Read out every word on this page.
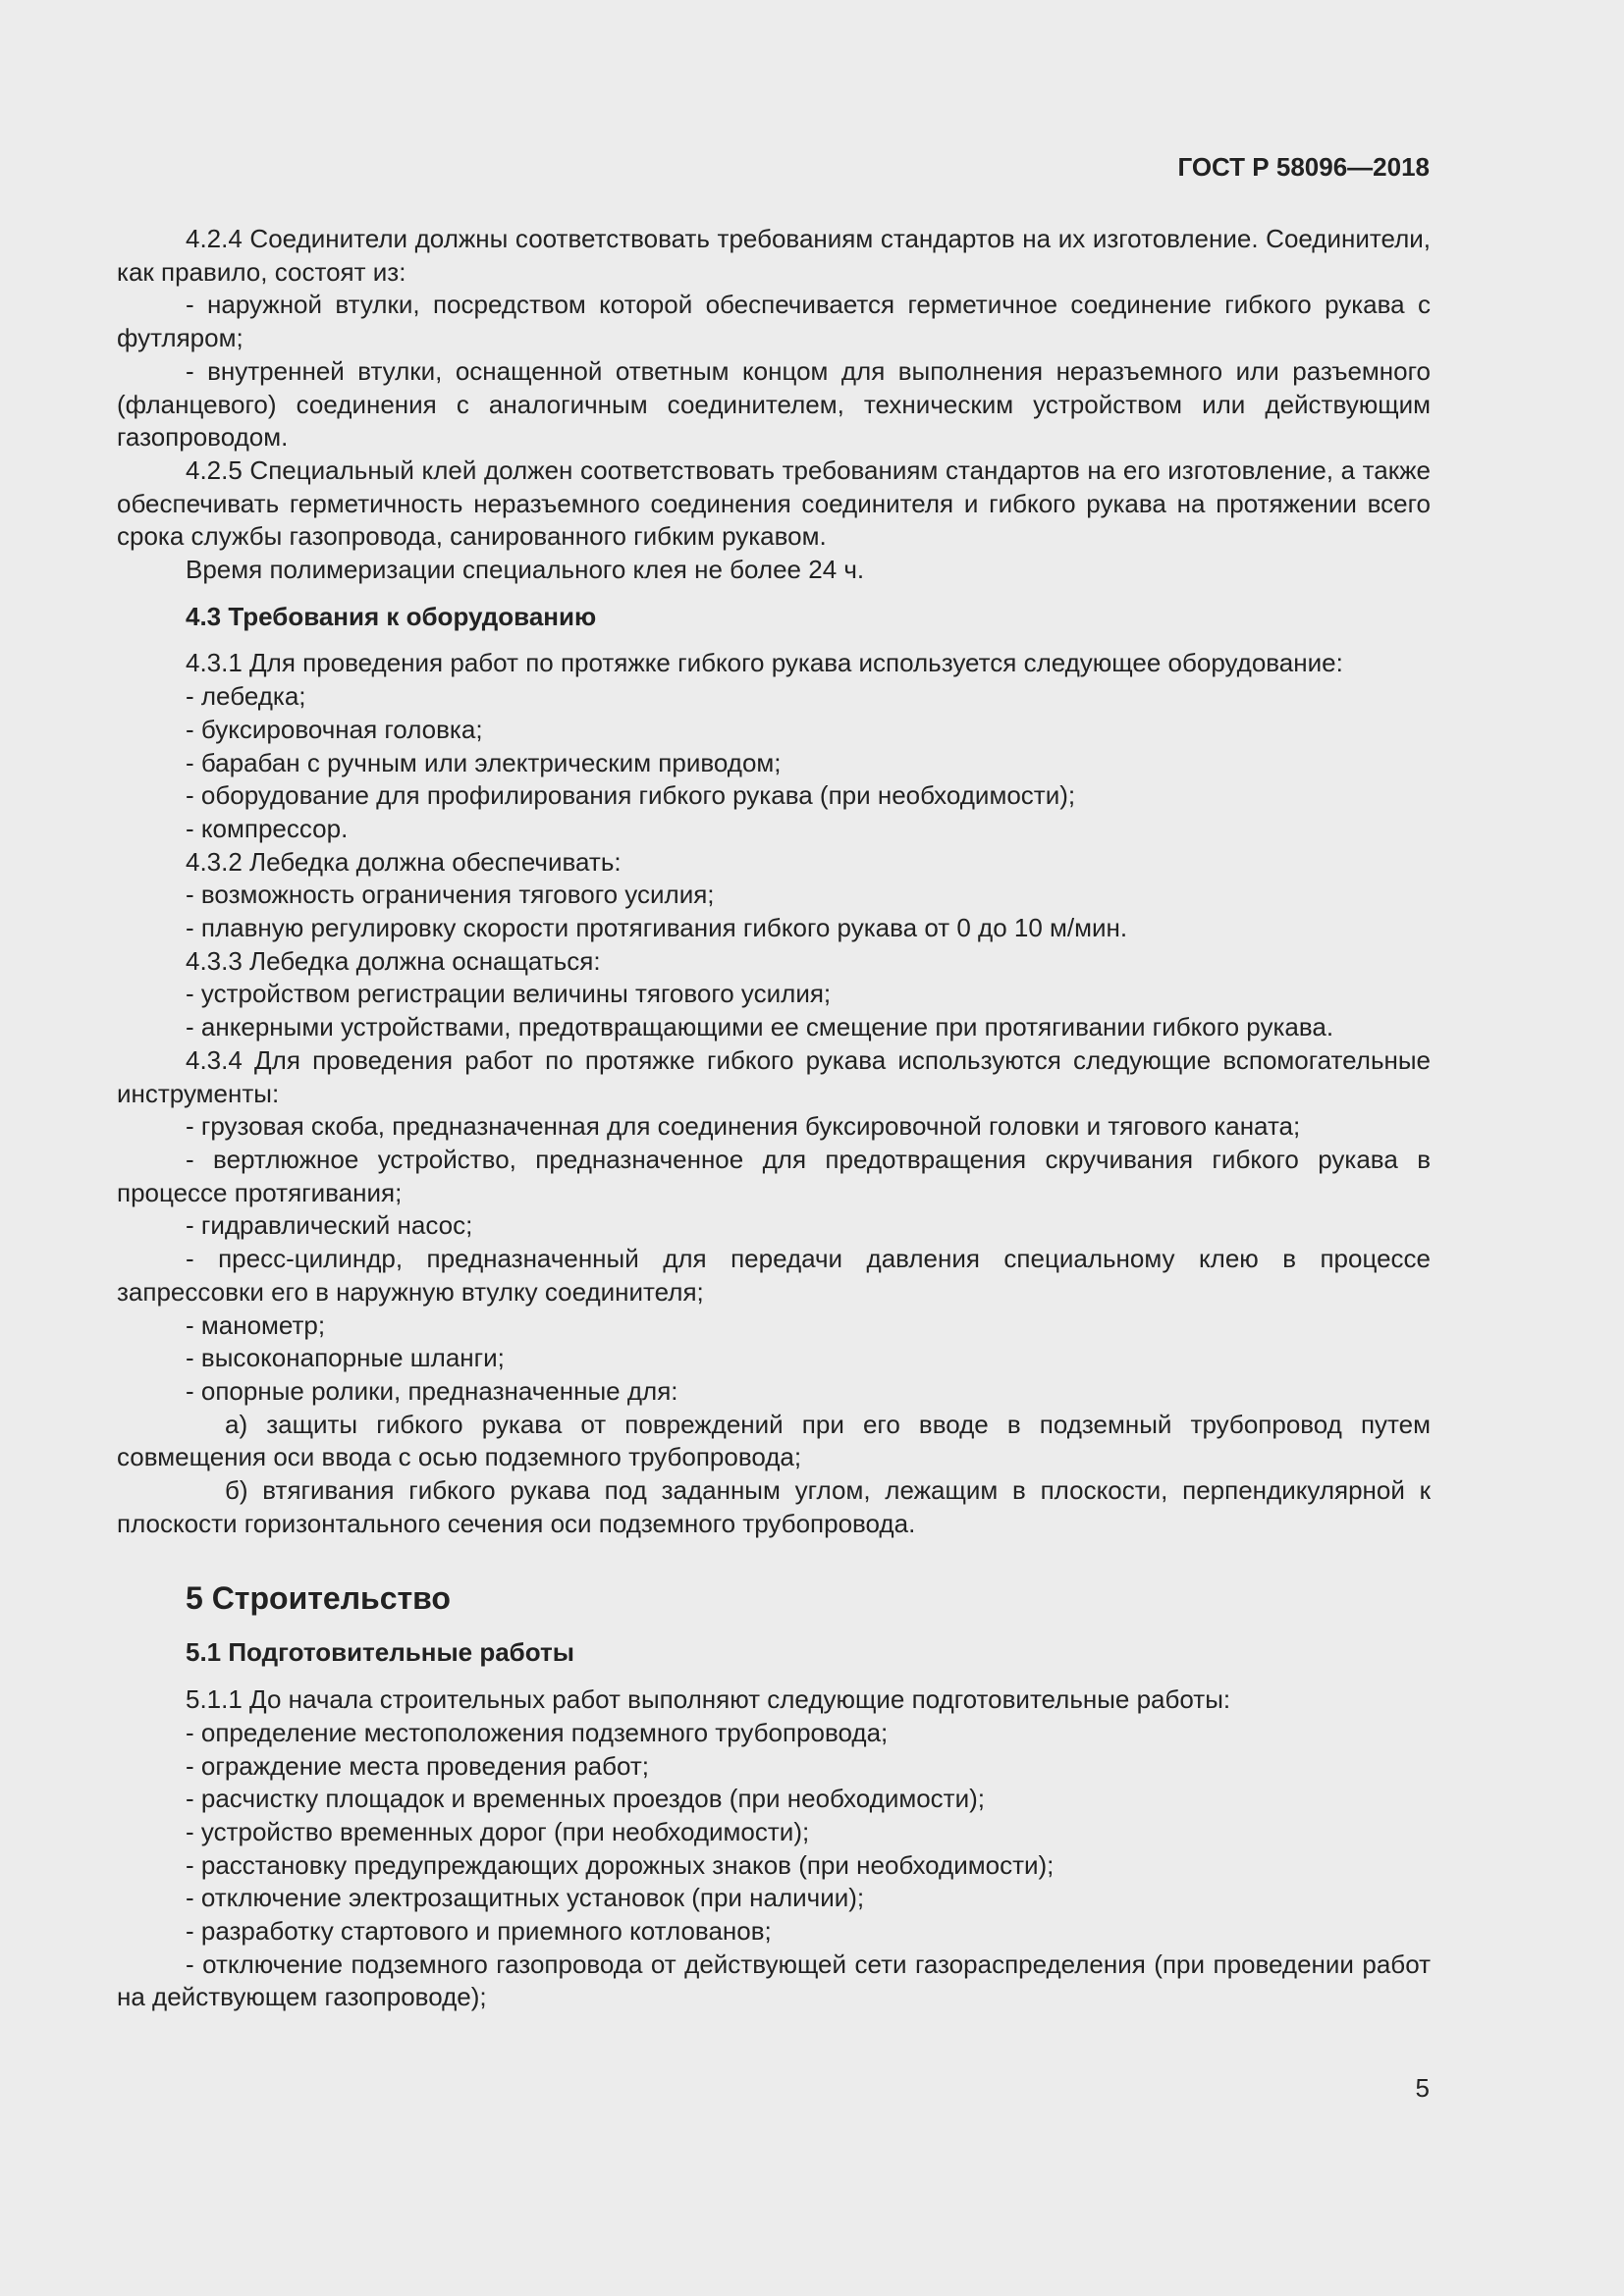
ГОСТ Р 58096—2018

4.2.4 Соединители должны соответствовать требованиям стандартов на их изготовление. Соединители, как правило, состоят из:

- наружной втулки, посредством которой обеспечивается герметичное соединение гибкого рукава с футляром;

- внутренней втулки, оснащенной ответным концом для выполнения неразъемного или разъемного (фланцевого) соединения с аналогичным соединителем, техническим устройством или действующим газопроводом.

4.2.5 Специальный клей должен соответствовать требованиям стандартов на его изготовление, а также обеспечивать герметичность неразъемного соединения соединителя и гибкого рукава на протяжении всего срока службы газопровода, санированного гибким рукавом.

Время полимеризации специального клея не более 24 ч.

4.3 Требования к оборудованию

4.3.1 Для проведения работ по протяжке гибкого рукава используется следующее оборудование:

- лебедка;

- буксировочная головка;

- барабан с ручным или электрическим приводом;

- оборудование для профилирования гибкого рукава (при необходимости);

- компрессор.

4.3.2 Лебедка должна обеспечивать:

- возможность ограничения тягового усилия;

- плавную регулировку скорости протягивания гибкого рукава от 0 до 10 м/мин.

4.3.3 Лебедка должна оснащаться:

- устройством регистрации величины тягового усилия;

- анкерными устройствами, предотвращающими ее смещение при протягивании гибкого рукава.

4.3.4 Для проведения работ по протяжке гибкого рукава используются следующие вспомогательные инструменты:

- грузовая скоба, предназначенная для соединения буксировочной головки и тягового каната;

- вертлюжное устройство, предназначенное для предотвращения скручивания гибкого рукава в процессе протягивания;

- гидравлический насос;

- пресс-цилиндр, предназначенный для передачи давления специальному клею в процессе запрессовки его в наружную втулку соединителя;

- манометр;

- высоконапорные шланги;

- опорные ролики, предназначенные для:

а) защиты гибкого рукава от повреждений при его вводе в подземный трубопровод путем совмещения оси ввода с осью подземного трубопровода;

б) втягивания гибкого рукава под заданным углом, лежащим в плоскости, перпендикулярной к плоскости горизонтального сечения оси подземного трубопровода.

5 Строительство

5.1 Подготовительные работы

5.1.1 До начала строительных работ выполняют следующие подготовительные работы:

- определение местоположения подземного трубопровода;

- ограждение места проведения работ;

- расчистку площадок и временных проездов (при необходимости);

- устройство временных дорог (при необходимости);

- расстановку предупреждающих дорожных знаков (при необходимости);

- отключение электрозащитных установок (при наличии);

- разработку стартового и приемного котлованов;

- отключение подземного газопровода от действующей сети газораспределения (при проведении работ на действующем газопроводе);

5
